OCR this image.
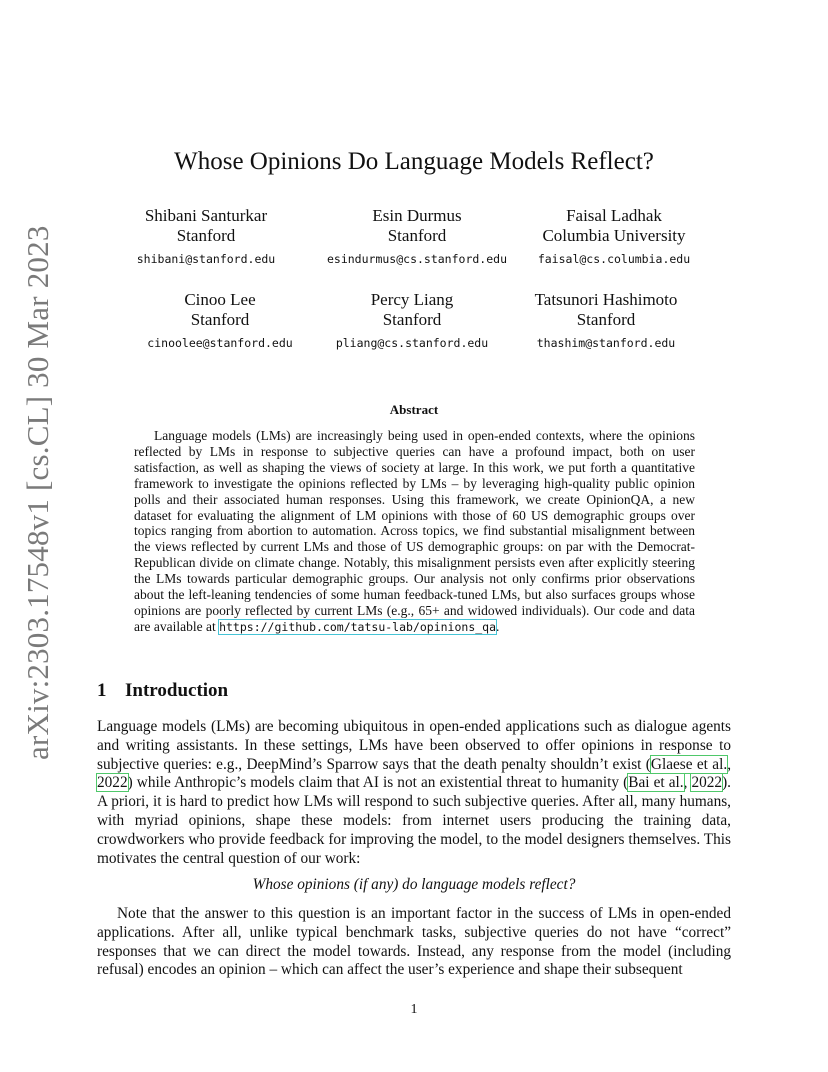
arXiv:2303.17548v1 [cs.CL] 30 Mar 2023
Whose Opinions Do Language Models Reflect?
Shibani Santurkar
Stanford
shibani@stanford.edu
Esin Durmus
Stanford
esindurmus@cs.stanford.edu
Faisal Ladhak
Columbia University
faisal@cs.columbia.edu
Cinoo Lee
Stanford
cinoolee@stanford.edu
Percy Liang
Stanford
pliang@cs.stanford.edu
Tatsunori Hashimoto
Stanford
thashim@stanford.edu
Abstract

Language models (LMs) are increasingly being used in open-ended contexts, where the opinions reflected by LMs in response to subjective queries can have a profound impact, both on user satisfaction, as well as shaping the views of society at large. In this work, we put forth a quantitative framework to investigate the opinions reflected by LMs – by leveraging high-quality public opinion polls and their associated human responses. Using this framework, we create OpinionQA, a new dataset for evaluating the alignment of LM opinions with those of 60 US demographic groups over topics ranging from abortion to automation. Across topics, we find substantial misalignment between the views reflected by current LMs and those of US demographic groups: on par with the Democrat-Republican divide on climate change. Notably, this misalignment persists even after explicitly steering the LMs towards particular demographic groups. Our analysis not only confirms prior observations about the left-leaning tendencies of some human feedback-tuned LMs, but also surfaces groups whose opinions are poorly reflected by current LMs (e.g., 65+ and widowed individuals). Our code and data are available at https://github.com/tatsu-lab/opinions_qa.

1 Introduction

Language models (LMs) are becoming ubiquitous in open-ended applications such as dialogue agents and writing assistants. In these settings, LMs have been observed to offer opinions in response to subjective queries: e.g., DeepMind’s Sparrow says that the death penalty shouldn’t exist (Glaese et al., 2022) while Anthropic’s models claim that AI is not an existential threat to humanity (Bai et al., 2022). A priori, it is hard to predict how LMs will respond to such subjective queries. After all, many humans, with myriad opinions, shape these models: from internet users producing the training data, crowdworkers who provide feedback for improving the model, to the model designers themselves. This motivates the central question of our work:

Whose opinions (if any) do language models reflect?

Note that the answer to this question is an important factor in the success of LMs in open-ended applications. After all, unlike typical benchmark tasks, subjective queries do not have “correct” responses that we can direct the model towards. Instead, any response from the model (including refusal) encodes an opinion – which can affect the user’s experience and shape their subsequent

1
